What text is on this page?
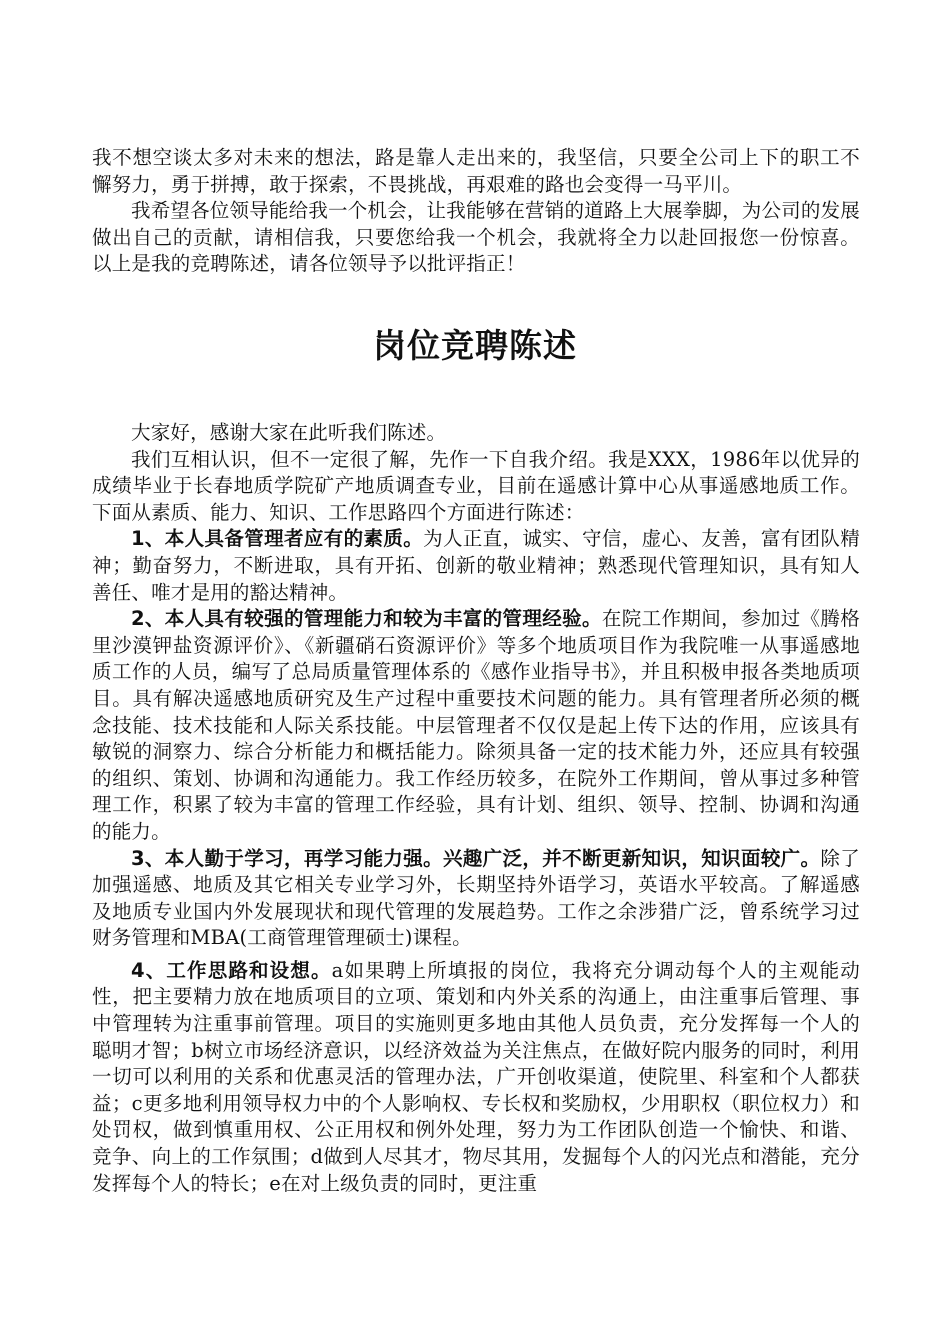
我不想空谈太多对未来的想法，路是靠人走出来的，我坚信，只要全公司上下的职工不懈努力，勇于拼搏，敢于探索，不畏挑战，再艰难的路也会变得一马平川。

我希望各位领导能给我一个机会，让我能够在营销的道路上大展拳脚，为公司的发展做出自己的贡献，请相信我，只要您给我一个机会，我就将全力以赴回报您一份惊喜。以上是我的竞聘陈述，请各位领导予以批评指正！

岗位竞聘陈述

大家好，感谢大家在此听我们陈述。

我们互相认识，但不一定很了解，先作一下自我介绍。我是XXX，1986年以优异的成绩毕业于长春地质学院矿产地质调查专业，目前在遥感计算中心从事遥感地质工作。下面从素质、能力、知识、工作思路四个方面进行陈述：

1、本人具备管理者应有的素质。为人正直，诚实、守信，虚心、友善，富有团队精神；勤奋努力，不断进取，具有开拓、创新的敬业精神；熟悉现代管理知识，具有知人善任、唯才是用的豁达精神。

2、本人具有较强的管理能力和较为丰富的管理经验。在院工作期间，参加过《腾格里沙漠钾盐资源评价》、《新疆硝石资源评价》等多个地质项目作为我院唯一从事遥感地质工作的人员，编写了总局质量管理体系的《感作业指导书》，并且积极申报各类地质项目。具有解决遥感地质研究及生产过程中重要技术问题的能力。具有管理者所必须的概念技能、技术技能和人际关系技能。中层管理者不仅仅是起上传下达的作用，应该具有敏锐的洞察力、综合分析能力和概括能力。除须具备一定的技术能力外，还应具有较强的组织、策划、协调和沟通能力。我工作经历较多，在院外工作期间，曾从事过多种管理工作，积累了较为丰富的管理工作经验，具有计划、组织、领导、控制、协调和沟通的能力。

3、本人勤于学习，再学习能力强。兴趣广泛，并不断更新知识，知识面较广。除了加强遥感、地质及其它相关专业学习外，长期坚持外语学习，英语水平较高。了解遥感及地质专业国内外发展现状和现代管理的发展趋势。工作之余涉猎广泛，曾系统学习过财务管理和MBA(工商管理管理硕士)课程。

4、工作思路和设想。a如果聘上所填报的岗位，我将充分调动每个人的主观能动性，把主要精力放在地质项目的立项、策划和内外关系的沟通上，由注重事后管理、事中管理转为注重事前管理。项目的实施则更多地由其他人员负责，充分发挥每一个人的聪明才智；b树立市场经济意识，以经济效益为关注焦点，在做好院内服务的同时，利用一切可以利用的关系和优惠灵活的管理办法，广开创收渠道，使院里、科室和个人都获益；c更多地利用领导权力中的个人影响权、专长权和奖励权，少用职权（职位权力）和处罚权，做到慎重用权、公正用权和例外处理，努力为工作团队创造一个愉快、和谐、竞争、向上的工作氛围；d做到人尽其才，物尽其用，发掘每个人的闪光点和潜能，充分发挥每个人的特长；e在对上级负责的同时，更注重
